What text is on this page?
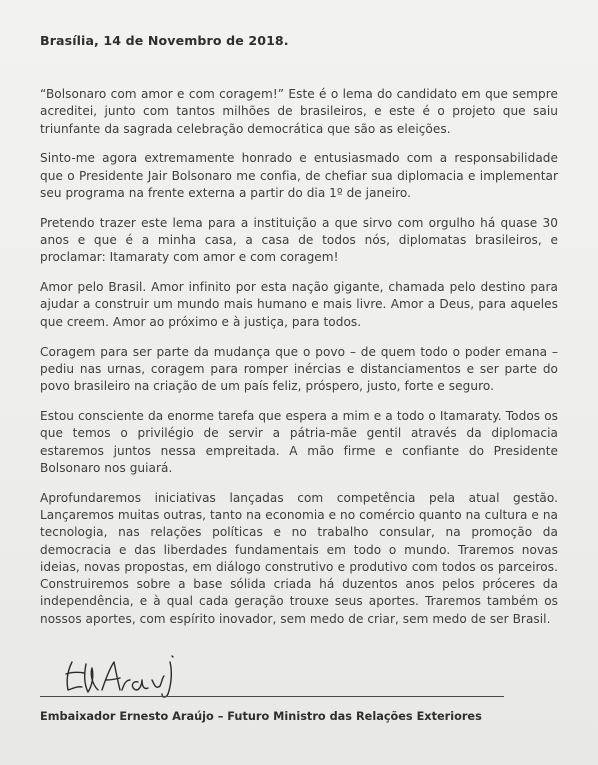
Brasília, 14 de Novembro de 2018.

“Bolsonaro com amor e com coragem!” Este é o lema do candidato em que sempre acreditei, junto com tantos milhões de brasileiros, e este é o projeto que saiu triunfante da sagrada celebração democrática que são as eleições.

Sinto-me agora extremamente honrado e entusiasmado com a responsabilidade que o Presidente Jair Bolsonaro me confia, de chefiar sua diplomacia e implementar seu programa na frente externa a partir do dia 1º de janeiro.

Pretendo trazer este lema para a instituição a que sirvo com orgulho há quase 30 anos e que é a minha casa, a casa de todos nós, diplomatas brasileiros, e proclamar: Itamaraty com amor e com coragem!

Amor pelo Brasil. Amor infinito por esta nação gigante, chamada pelo destino para ajudar a construir um mundo mais humano e mais livre. Amor a Deus, para aqueles que creem. Amor ao próximo e à justiça, para todos.

Coragem para ser parte da mudança que o povo – de quem todo o poder emana – pediu nas urnas, coragem para romper inércias e distanciamentos e ser parte do povo brasileiro na criação de um país feliz, próspero, justo, forte e seguro.

Estou consciente da enorme tarefa que espera a mim e a todo o Itamaraty. Todos os que temos o privilégio de servir a pátria-mãe gentil através da diplomacia estaremos juntos nessa empreitada. A mão firme e confiante do Presidente Bolsonaro nos guiará.

Aprofundaremos iniciativas lançadas com competência pela atual gestão. Lançaremos muitas outras, tanto na economia e no comércio quanto na cultura e na tecnologia, nas relações políticas e no trabalho consular, na promoção da democracia e das liberdades fundamentais em todo o mundo. Traremos novas ideias, novas propostas, em diálogo construtivo e produtivo com todos os parceiros. Construiremos sobre a base sólida criada há duzentos anos pelos próceres da independência, e à qual cada geração trouxe seus aportes. Traremos também os nossos aportes, com espírito inovador, sem medo de criar, sem medo de ser Brasil.

Embaixador Ernesto Araújo – Futuro Ministro das Relações Exteriores
